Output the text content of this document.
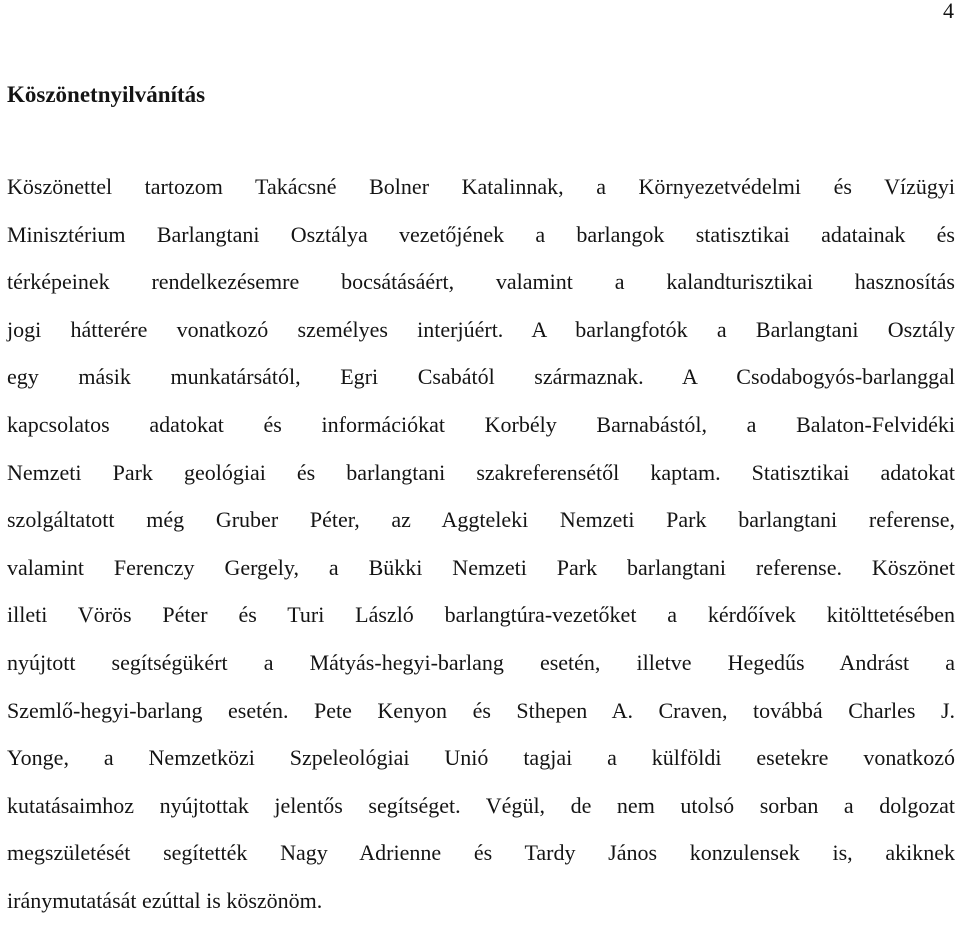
4
Köszönetnyilvánítás
Köszönettel tartozom Takácsné Bolner Katalinnak, a Környezetvédelmi és Vízügyi
Minisztérium Barlangtani Osztálya vezetőjének a barlangok statisztikai adatainak és
térképeinek rendelkezésemre bocsátásáért, valamint a kalandturisztikai hasznosítás
jogi hátterére vonatkozó személyes interjúért. A barlangfotók a Barlangtani Osztály
egy másik munkatársától, Egri Csabától származnak. A Csodabogyós-barlanggal
kapcsolatos adatokat és információkat Korbély Barnabástól, a Balaton-Felvidéki
Nemzeti Park geológiai és barlangtani szakreferensétől kaptam. Statisztikai adatokat
szolgáltatott még Gruber Péter, az Aggteleki Nemzeti Park barlangtani referense,
valamint Ferenczy Gergely, a Bükki Nemzeti Park barlangtani referense. Köszönet
illeti Vörös Péter és Turi László barlangtúra-vezetőket a kérdőívek kitölttetésében
nyújtott segítségükért a Mátyás-hegyi-barlang esetén, illetve Hegedűs Andrást a
Szemlő-hegyi-barlang esetén. Pete Kenyon és Sthepen A. Craven, továbbá Charles J.
Yonge, a Nemzetközi Szpeleológiai Unió tagjai a külföldi esetekre vonatkozó
kutatásaimhoz nyújtottak jelentős segítséget. Végül, de nem utolsó sorban a dolgozat
megszületését segítették Nagy Adrienne és Tardy János konzulensek is, akiknek
iránymutatását ezúttal is köszönöm.
